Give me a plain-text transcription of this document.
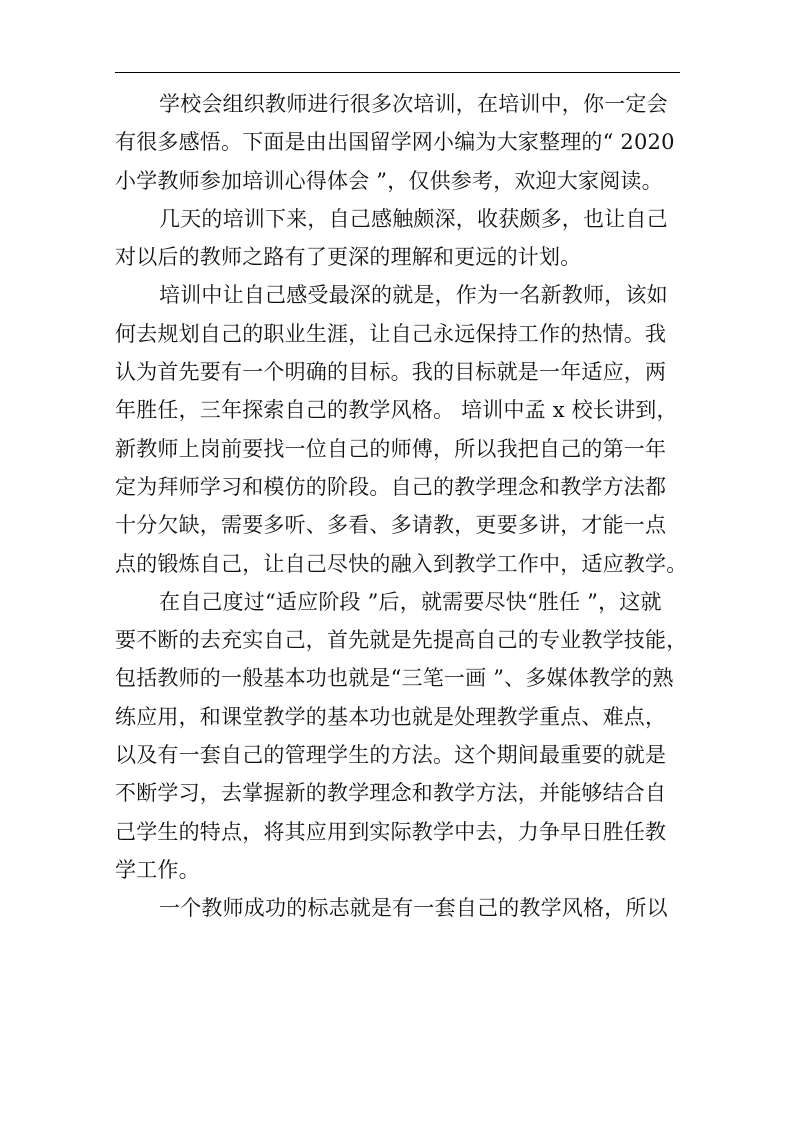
学校会组织教师进行很多次培训，在培训中，你一定会
有很多感悟。下面是由出国留学网小编为大家整理的“ 2020
小学教师参加培训心得体会 ”，仅供参考，欢迎大家阅读。

几天的培训下来，自己感触颇深，收获颇多，也让自己
对以后的教师之路有了更深的理解和更远的计划。

培训中让自己感受最深的就是，作为一名新教师，该如
何去规划自己的职业生涯，让自己永远保持工作的热情。我
认为首先要有一个明确的目标。我的目标就是一年适应，两
年胜任，三年探索自己的教学风格。 培训中孟 x 校长讲到，
新教师上岗前要找一位自己的师傅，所以我把自己的第一年
定为拜师学习和模仿的阶段。自己的教学理念和教学方法都
十分欠缺，需要多听、多看、多请教，更要多讲，才能一点
点的锻炼自己，让自己尽快的融入到教学工作中，适应教学。

在自己度过“适应阶段 ”后，就需要尽快“胜任 ”，这就
要不断的去充实自己，首先就是先提高自己的专业教学技能，
包括教师的一般基本功也就是“三笔一画 ”、多媒体教学的熟
练应用，和课堂教学的基本功也就是处理教学重点、难点，
以及有一套自己的管理学生的方法。这个期间最重要的就是
不断学习，去掌握新的教学理念和教学方法，并能够结合自
己学生的特点，将其应用到实际教学中去，力争早日胜任教
学工作。

一个教师成功的标志就是有一套自己的教学风格，所以
